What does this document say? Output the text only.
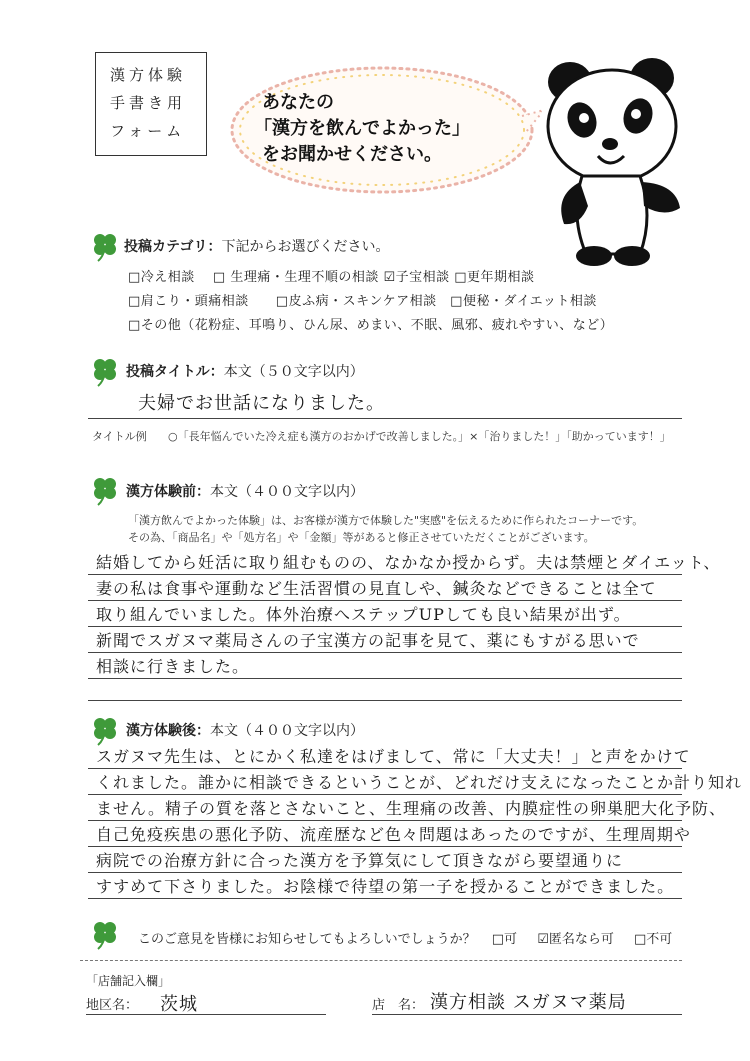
漢方体験
手書き用
フォーム
あなたの
「漢方を飲んでよかった」
をお聞かせください。
投稿カテゴリ：下記からお選びください。
□冷え相談　 □ 生理痛・生理不順の相談 ☑子宝相談 □更年期相談
□肩こり・頭痛相談　　□皮ふ病・スキンケア相談　□便秘・ダイエット相談
□その他（花粉症、耳鳴り、ひん尿、めまい、不眠、風邪、疲れやすい、など）
投稿タイトル：本文（５０文字以内）
夫婦でお世話になりました。
タイトル例 ○「長年悩んでいた冷え症も漢方のおかげで改善しました。」×「治りました！」「助かっています！」
漢方体験前：本文（４００文字以内）
「漢方飲んでよかった体験」は、お客様が漢方で体験した"実感"を伝えるために作られたコーナーです。
その為、「商品名」や「処方名」や「金額」等があると修正させていただくことがございます。
結婚してから妊活に取り組むものの、なかなか授からず。夫は禁煙とダイエット、
妻の私は食事や運動など生活習慣の見直しや、鍼灸などできることは全て
取り組んでいました。体外治療へステップUPしても良い結果が出ず。
新聞でスガヌマ薬局さんの子宝漢方の記事を見て、薬にもすがる思いで
相談に行きました。
漢方体験後：本文（４００文字以内）
スガヌマ先生は、とにかく私達をはげまして、常に「大丈夫！」と声をかけて
くれました。誰かに相談できるということが、どれだけ支えになったことか計り知れ
ません。精子の質を落とさないこと、生理痛の改善、内膜症性の卵巣肥大化予防、
自己免疫疾患の悪化予防、流産歴など色々問題はあったのですが、生理周期や
病院での治療方針に合った漢方を予算気にして頂きながら要望通りに
すすめて下さりました。お陰様で待望の第一子を授かることができました。
このご意見を皆様にお知らせしてもよろしいでしょうか？ □可 ☑匿名なら可 □不可
「店舗記入欄」
地区名： 茨城	店　名： 漢方相談 スガヌマ薬局
